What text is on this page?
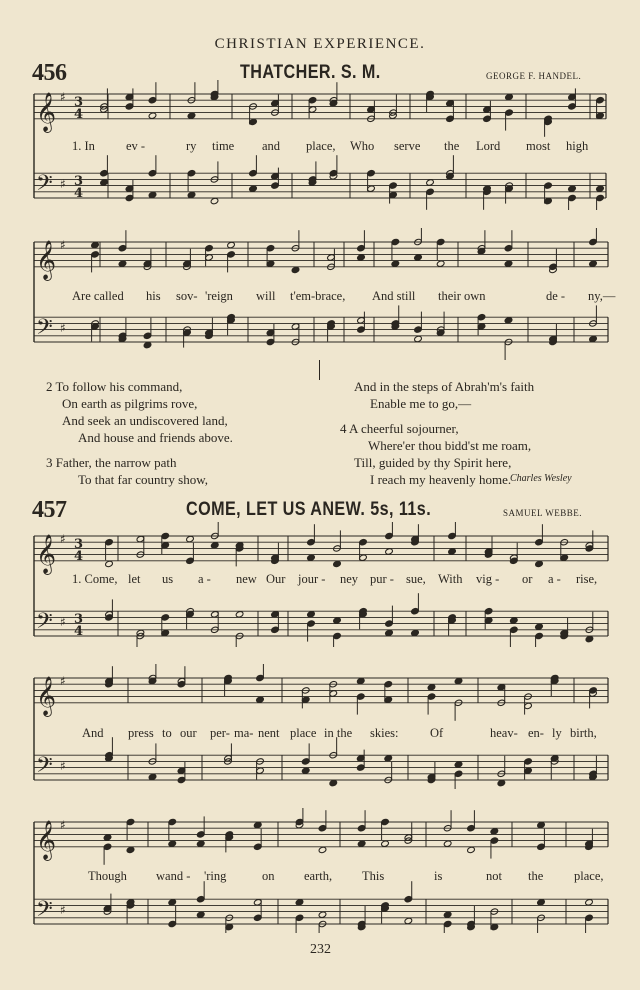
CHRISTIAN EXPERIENCE.
456	THATCHER. S. M.	GEORGE F. HANDEL.
𝄞 ♯ 3
4
𝄢 ♯ 3
4
1. In ev -	ry time and place, Who serve the Lord most high
𝄞 ♯
𝄢 ♯
Are called his sov- 'reign will t'em-brace, And still their own	de - ny,—
2 To follow his command,
On earth as pilgrims rove,
And seek an undiscovered land,
And house and friends above.
3 Father, the narrow path
To that far country show,
And in the steps of Abrah'm's faith
Enable me to go,—
4 A cheerful sojourner,
Where'er thou bidd'st me roam,
Till, guided by thy Spirit here,
I reach my heavenly home.
Charles Wesley
457	COME, LET US ANEW. 5s, 11s.	SAMUEL WEBBE.
𝄞 ♯ 3
4
𝄢 ♯ 3
4
1. Come, let us a - new Our jour - ney pur - sue, With vig - or a - rise,
𝄞 ♯
𝄢 ♯
And press to our per- ma- nent place in the skies:	Of	heav- en- ly birth,
𝄞 ♯
𝄢 ♯
Though wand - 'ring	on earth, This	is	not the place,
232
